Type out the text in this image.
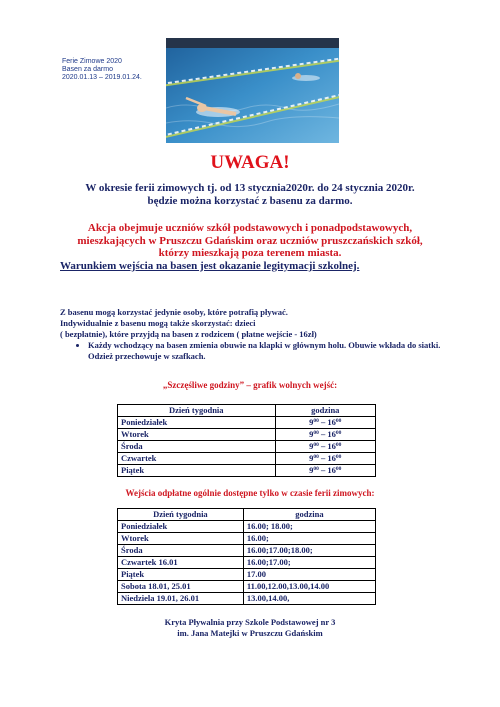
Ferie Zimowe 2020
Basen za darmo
2020.01.13 – 2019.01.24.
UWAGA!
W okresie ferii zimowych tj. od 13 stycznia2020r. do 24 stycznia 2020r.
będzie można korzystać z basenu za darmo.

Akcja obejmuje uczniów szkół podstawowych i ponadpodstawowych,

mieszkających w Pruszczu Gdańskim oraz uczniów pruszczańskich szkół,

którzy mieszkają poza terenem miasta.

Warunkiem wejścia na basen jest okazanie legitymacji szkolnej.

Z basenu mogą korzystać jedynie osoby, które potrafią pływać.

Indywidualnie z basenu mogą także skorzystać: dzieci

( bezpłatnie), które przyjdą na basen z rodzicem ( płatne wejście - 16zł)

• Każdy wchodzący na basen zmienia obuwie na klapki w głównym holu. Obuwie wkłada do siatki. Odzież przechowuje w szafkach.
„Szczęśliwe godziny” – grafik wolnych wejść:
Dzień tygodnia	godzina
Poniedziałek	$9^{00} - 16^{00}$
Wtorek	$9^{00} - 16^{00}$
Środa	$9^{00} - 16^{00}$
Czwartek	$9^{00} - 16^{00}$
Piątek	$9^{00} - 16^{00}$
Wejścia odpłatne ogólnie dostępne tylko w czasie ferii zimowych:
Dzień tygodnia	godzina
Poniedziałek	16.00; 18.00;
Wtorek	16.00;
Środa	16.00;17.00;18.00;
Czwartek 16.01	16.00;17.00;
Piątek	17.00
Sobota 18.01, 25.01	11.00,12.00,13.00,14.00
Niedziela 19.01, 26.01	13.00,14.00,
Kryta Pływalnia przy Szkole Podstawowej nr 3
im. Jana Matejki w Pruszczu Gdańskim
